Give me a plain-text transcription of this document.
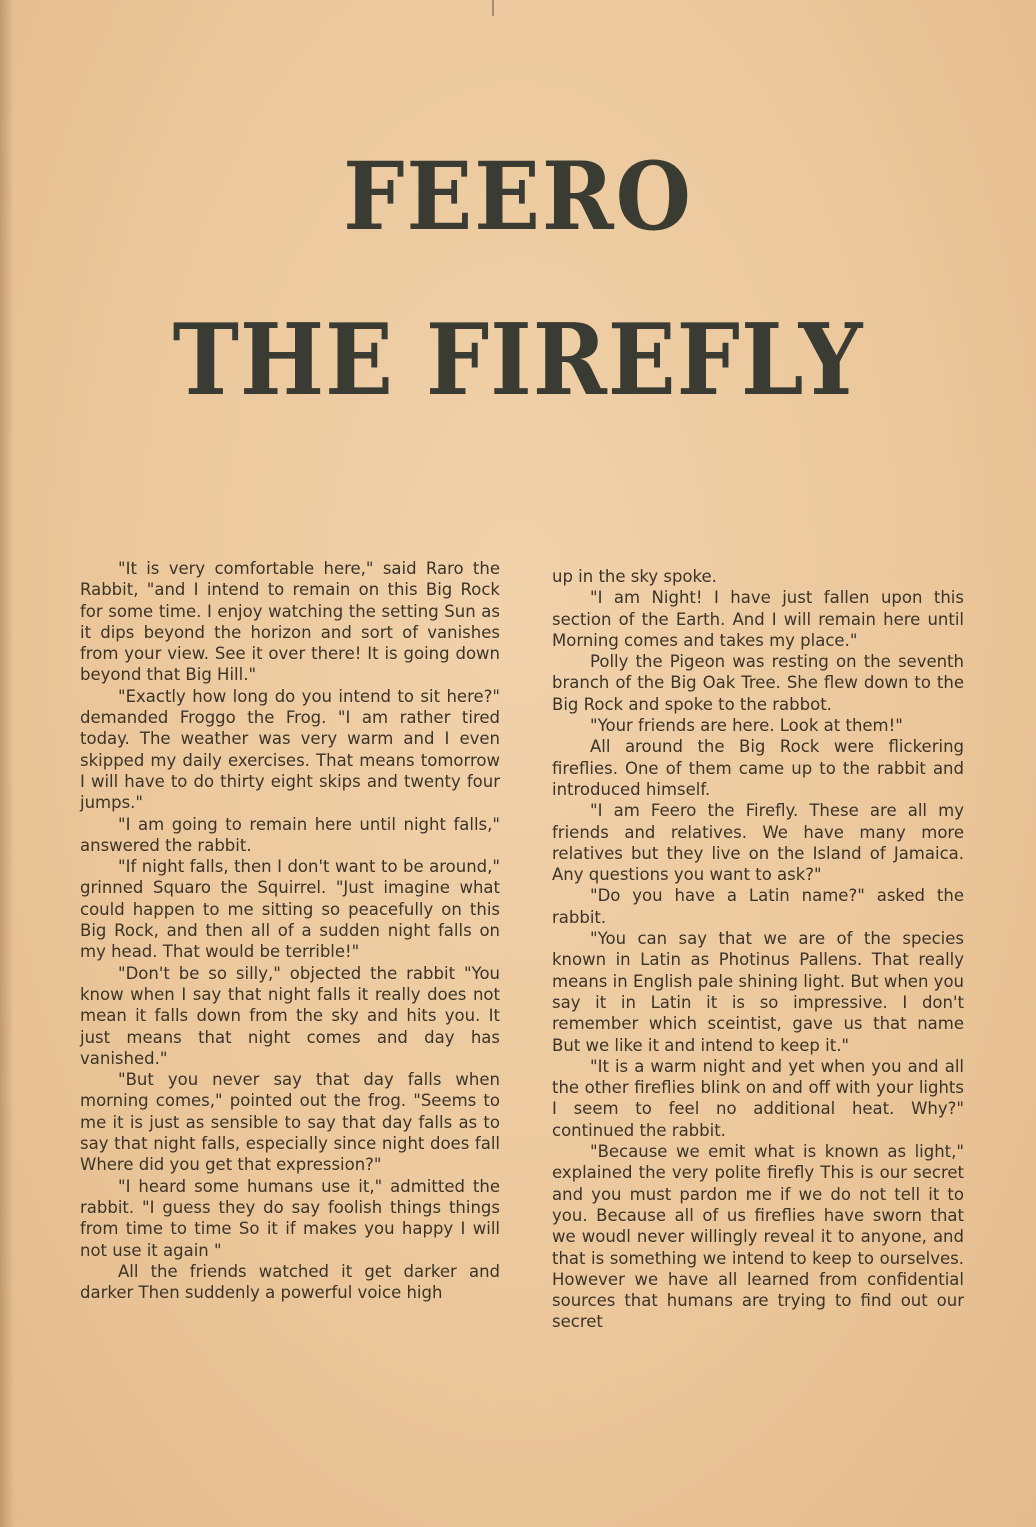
FEERO
THE FIREFLY

"It is very comfortable here," said Raro the Rabbit, "and I intend to remain on this Big Rock for some time. I enjoy watching the setting Sun as it dips beyond the horizon and sort of vanishes from your view. See it over there! It is going down beyond that Big Hill."

"Exactly how long do you intend to sit here?" demanded Froggo the Frog. "I am rather tired today. The weather was very warm and I even skipped my daily exercises. That means tomorrow I will have to do thirty eight skips and twenty four jumps."

"I am going to remain here until night falls," answered the rabbit.

"If night falls, then I don't want to be around," grinned Squaro the Squirrel. "Just imagine what could happen to me sitting so peacefully on this Big Rock, and then all of a sudden night falls on my head. That would be terrible!"

"Don't be so silly," objected the rabbit "You know when I say that night falls it really does not mean it falls down from the sky and hits you. It just means that night comes and day has vanished."

"But you never say that day falls when morning comes," pointed out the frog. "Seems to me it is just as sensible to say that day falls as to say that night falls, especially since night does fall Where did you get that expression?"

"I heard some humans use it," admitted the rabbit. "I guess they do say foolish things things from time to time So it if makes you happy I will not use it again "

All the friends watched it get darker and darker Then suddenly a powerful voice high

up in the sky spoke.

"I am Night! I have just fallen upon this section of the Earth. And I will remain here until Morning comes and takes my place."

Polly the Pigeon was resting on the seventh branch of the Big Oak Tree. She flew down to the Big Rock and spoke to the rabbot.

"Your friends are here. Look at them!"

All around the Big Rock were flickering fireflies. One of them came up to the rabbit and introduced himself.

"I am Feero the Firefly. These are all my friends and relatives. We have many more relatives but they live on the Island of Jamaica. Any questions you want to ask?"

"Do you have a Latin name?" asked the rabbit.

"You can say that we are of the species known in Latin as Photinus Pallens. That really means in English pale shining light. But when you say it in Latin it is so impressive. I don't remember which sceintist, gave us that name But we like it and intend to keep it."

"It is a warm night and yet when you and all the other fireflies blink on and off with your lights I seem to feel no additional heat. Why?" continued the rabbit.

"Because we emit what is known as light," explained the very polite firefly This is our secret and you must pardon me if we do not tell it to you. Because all of us fireflies have sworn that we woudl never willingly reveal it to anyone, and that is something we intend to keep to ourselves. However we have all learned from confidential sources that humans are trying to find out our secret
